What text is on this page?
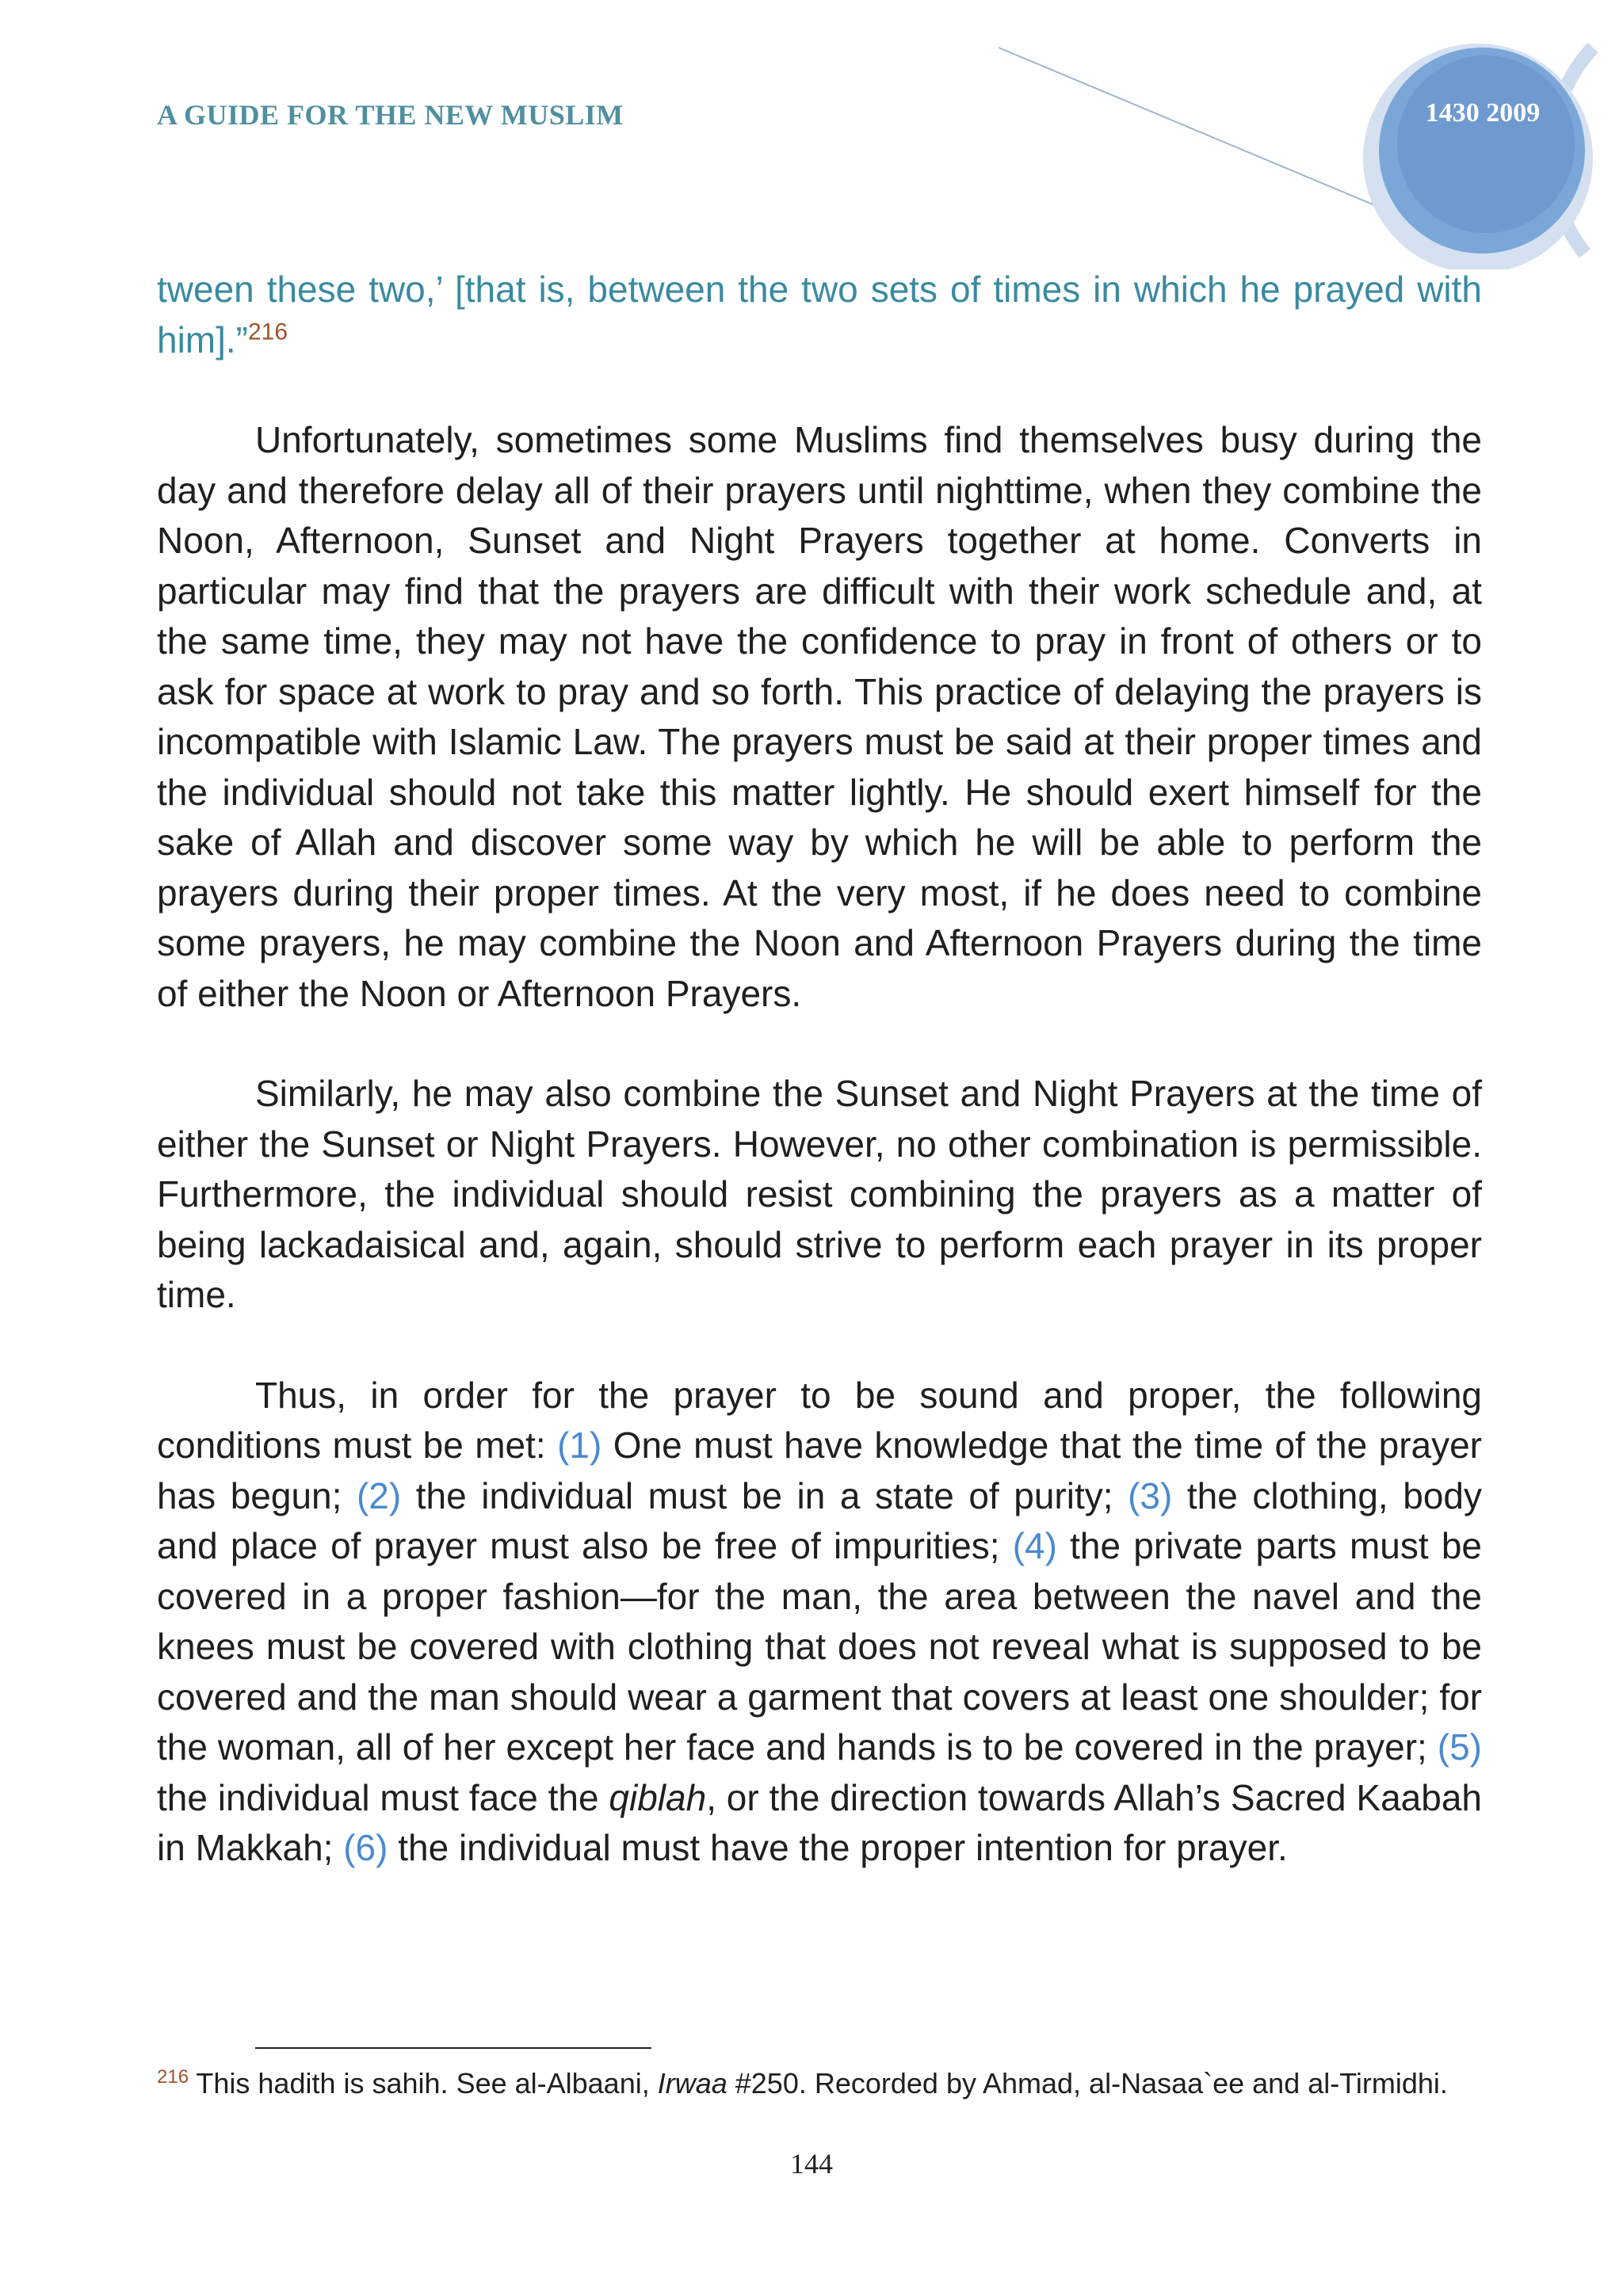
A GUIDE FOR THE NEW MUSLIM	1430 2009

tween these two,’ [that is, between the two sets of times in which he prayed with him].”$^{216}$

Unfortunately, sometimes some Muslims find themselves busy during the day and therefore delay all of their prayers until nighttime, when they combine the Noon, Afternoon, Sunset and Night Prayers together at home. Converts in particular may find that the prayers are difficult with their work schedule and, at the same time, they may not have the confidence to pray in front of others or to ask for space at work to pray and so forth. This practice of delaying the prayers is incompatible with Islamic Law. The prayers must be said at their proper times and the individual should not take this matter lightly. He should exert himself for the sake of Allah and discover some way by which he will be able to perform the prayers during their proper times. At the very most, if he does need to combine some prayers, he may combine the Noon and Afternoon Prayers during the time of either the Noon or Afternoon Prayers.

Similarly, he may also combine the Sunset and Night Prayers at the time of either the Sunset or Night Prayers. However, no other combination is permissible. Furthermore, the individual should resist combining the prayers as a matter of being lackadaisical and, again, should strive to perform each prayer in its proper time.

Thus, in order for the prayer to be sound and proper, the following conditions must be met: (1) One must have knowledge that the time of the prayer has begun; (2) the individual must be in a state of purity; (3) the clothing, body and place of prayer must also be free of impurities; (4) the private parts must be covered in a proper fashion—for the man, the area between the navel and the knees must be covered with clothing that does not reveal what is supposed to be covered and the man should wear a garment that covers at least one shoulder; for the woman, all of her except her face and hands is to be covered in the prayer; (5) the individual must face the qiblah, or the direction towards Allah’s Sacred Kaabah in Makkah; (6) the individual must have the proper intention for prayer.

$^{216}$ This hadith is sahih. See al-Albaani, Irwaa #250. Recorded by Ahmad, al-Nasaa`ee and al-Tirmidhi.
144
